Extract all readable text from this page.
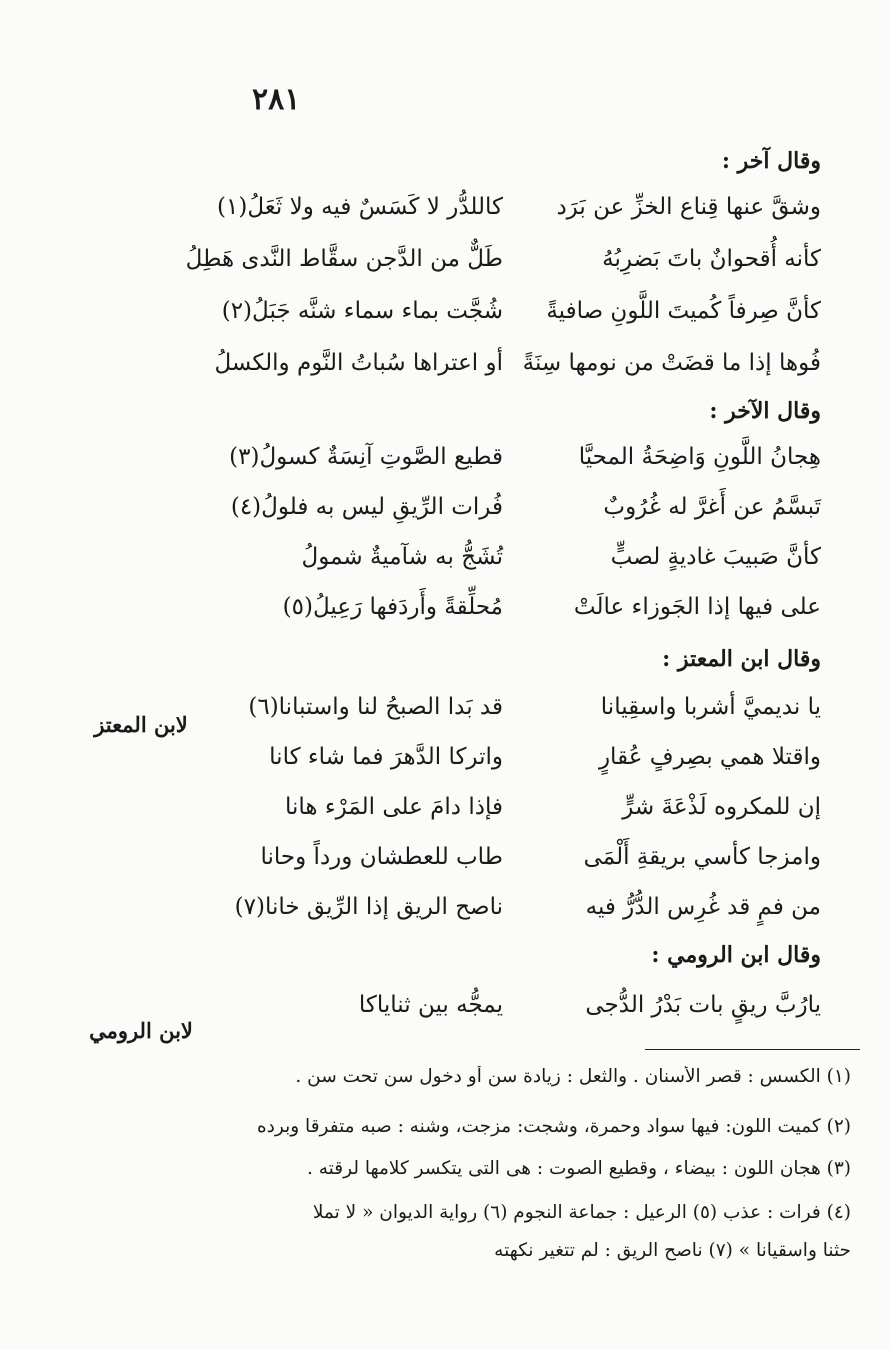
٢٨١
وقال آخر :
وشقَّ عنها قِناع الخزِّ عن بَرَد
كاللدُّر لا كَسَسٌ فيه ولا ثَعَلُ(١)
كأنه أُقحوانٌ باتَ بَضرِبُهُ
طَلٌّ من الدَّجن سقَّاط النَّدى هَطِلُ
كأنَّ صِرفاً كُميتَ اللَّونِ صافيةً
شُجَّت بماء سماء شنَّه جَبَلُ(٢)
فُوها إذا ما قضَتْ من نومها سِنَةً
أو اعتراها سُباتُ النَّوم والكسلُ
وقال الآخر :
هِجانُ اللَّونِ وَاضِحَةُ المحيَّا
قطيع الصَّوتِ آنِسَةٌ كسولُ(٣)
تَبسَّمُ عن أَغرَّ له غُرُوبٌ
فُرات الرِّيقِ ليس به فلولُ(٤)
كأنَّ صَبيبَ غاديةٍ لصبٍّ
تُشَجُّ به شآميةٌ شمولُ
على فيها إذا الجَوزاء عالَتْ
مُحلِّقةً وأَردَفها رَعِيلُ(٥)
وقال ابن المعتز :
لابن المعتز
يا نديميَّ أشربا واسقِيانا
قد بَدا الصبحُ لنا واستبانا(٦)
واقتلا همي بصِرفٍ عُقارٍ
واتركا الدَّهرَ فما شاء كانا
إن للمكروه لَذْعَةَ شرٍّ
فإذا دامَ على المَرْء هانا
وامزجا كأسي بريقةِ أَلْمَى
طاب للعطشان ورداً وحانا
من فمٍ قد غُرِس الدُّرُّ فيه
ناصح الريق إذا الرِّيق خانا(٧)
وقال ابن الرومي :
يارُبَّ ريقٍ بات بَدْرُ الدُّجى
يمجُّه بين ثناياكا
لابن الرومي
(١) الكسس : قصر الأسنان . والثعل : زيادة سن أو دخول سن تحت سن .
(٢) كميت اللون: فيها سواد وحمرة، وشجت: مزجت، وشنه : صبه متفرقا وبرده
(٣) هجان اللون : بيضاء ، وقطيع الصوت : هى التى يتكسر كلامها لرقته .
(٤) فرات : عذب (٥) الرعيل : جماعة النجوم (٦) رواية الديوان « لا تملا
حثنا واسقيانا » (٧) ناصح الريق : لم تتغير نكهته
